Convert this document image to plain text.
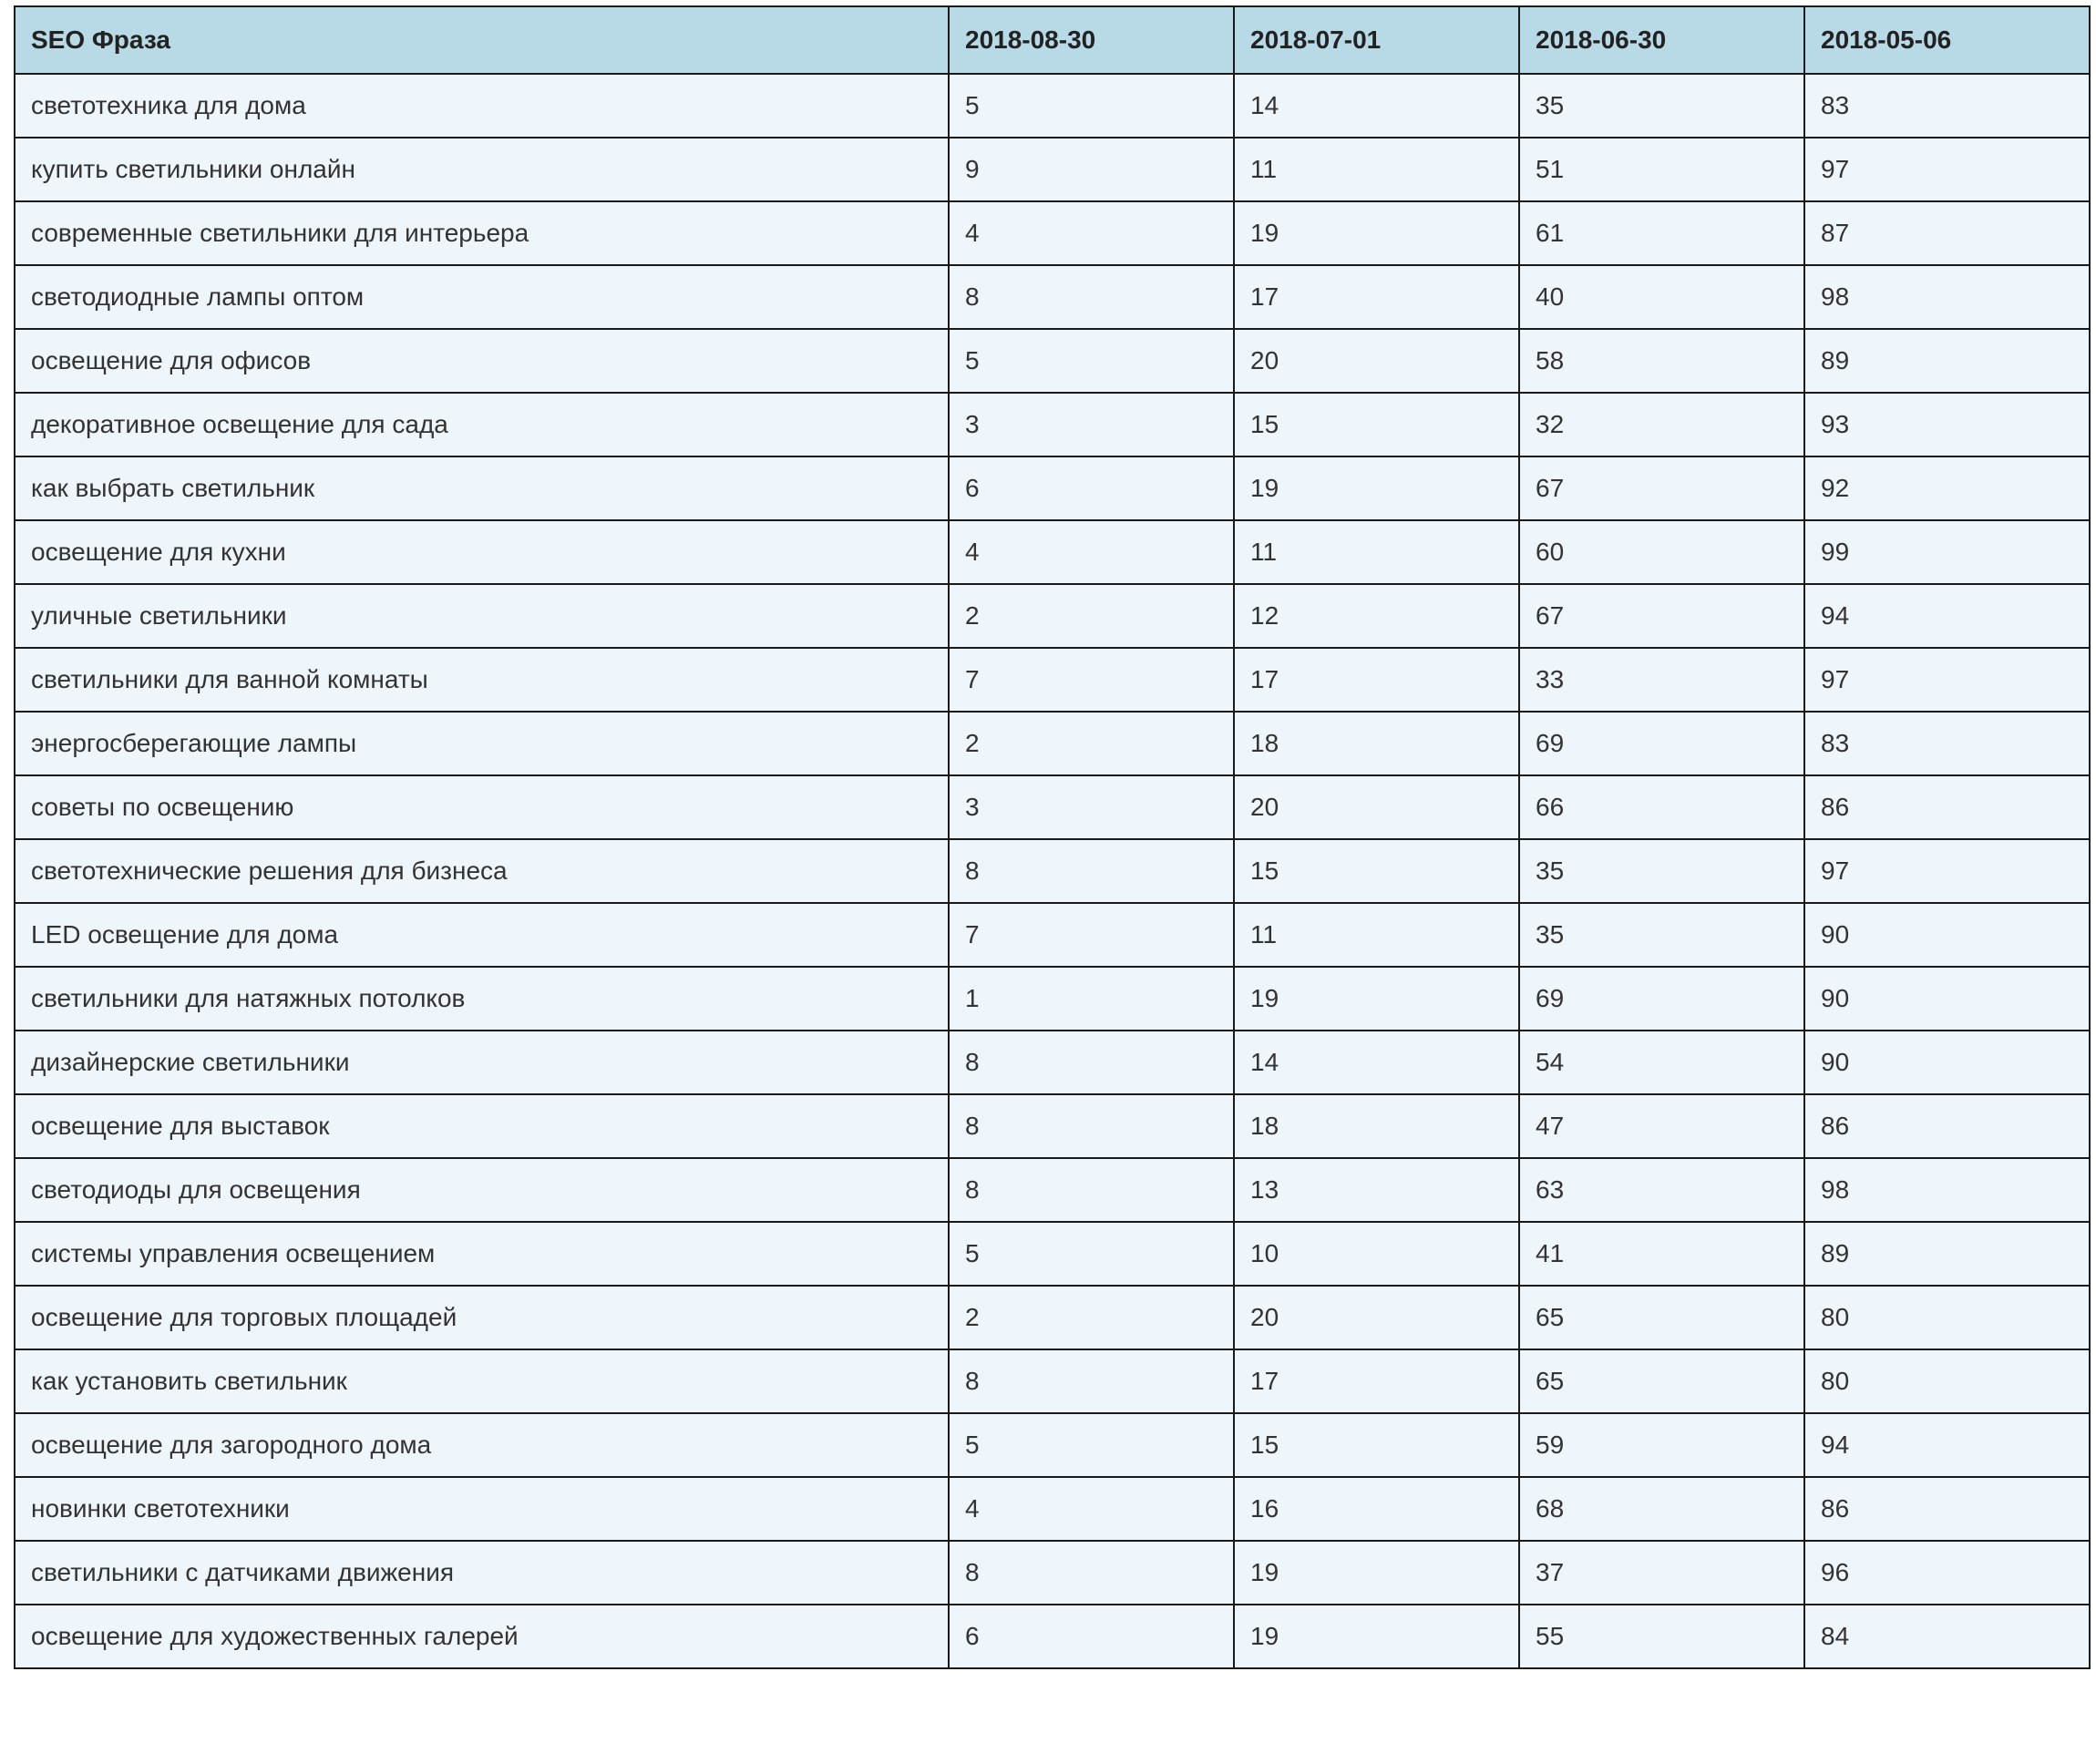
SEO Фраза	2018-08-30	2018-07-01	2018-06-30	2018-05-06
светотехника для дома	5	14	35	83
купить светильники онлайн	9	11	51	97
современные светильники для интерьера	4	19	61	87
светодиодные лампы оптом	8	17	40	98
освещение для офисов	5	20	58	89
декоративное освещение для сада	3	15	32	93
как выбрать светильник	6	19	67	92
освещение для кухни	4	11	60	99
уличные светильники	2	12	67	94
светильники для ванной комнаты	7	17	33	97
энергосберегающие лампы	2	18	69	83
советы по освещению	3	20	66	86
светотехнические решения для бизнеса	8	15	35	97
LED освещение для дома	7	11	35	90
светильники для натяжных потолков	1	19	69	90
дизайнерские светильники	8	14	54	90
освещение для выставок	8	18	47	86
светодиоды для освещения	8	13	63	98
системы управления освещением	5	10	41	89
освещение для торговых площадей	2	20	65	80
как установить светильник	8	17	65	80
освещение для загородного дома	5	15	59	94
новинки светотехники	4	16	68	86
светильники с датчиками движения	8	19	37	96
освещение для художественных галерей	6	19	55	84
